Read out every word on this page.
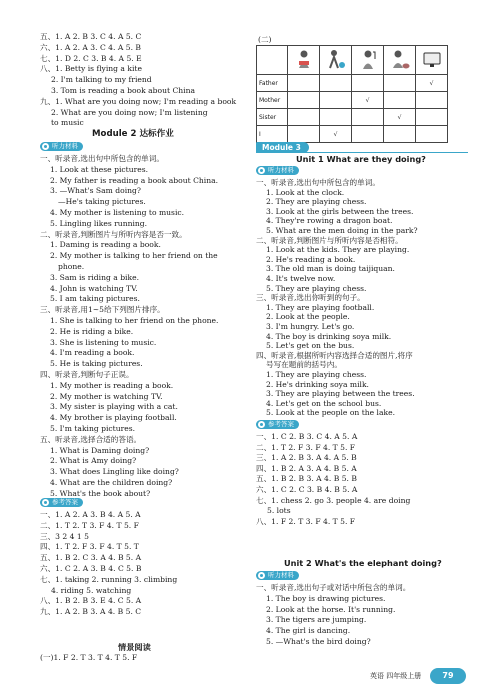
五、1. A 2. B 3. C 4. A 5. C
六、1. A 2. A 3. C 4. A 5. B
七、1. D 2. C 3. B 4. A 5. E
八、1. Betty is flying a kite
2. I'm talking to my friend
3. Tom is reading a book about China
九、1. What are you doing now; I'm reading a book
2. What are you doing now; I'm listening
to music
Module 2 达标作业
听力材料
一、听录音,选出句中所包含的单词。
1. Look at these pictures.
2. My father is reading a book about China.
3. —What's Sam doing?
—He's taking pictures.
4. My mother is listening to music.
5. Lingling likes running.
二、听录音,判断图片与所听内容是否一致。
1. Daming is reading a book.
2. My mother is talking to her friend on the
phone.
3. Sam is riding a bike.
4. John is watching TV.
5. I am taking pictures.
三、听录音,用1~5给下列图片排序。
1. She is talking to her friend on the phone.
2. He is riding a bike.
3. She is listening to music.
4. I'm reading a book.
5. He is taking pictures.
四、听录音,判断句子正误。
1. My mother is reading a book.
2. My mother is watching TV.
3. My sister is playing with a cat.
4. My brother is playing football.
5. I'm taking pictures.
五、听录音,选择合适的答语。
1. What is Daming doing?
2. What is Amy doing?
3. What does Lingling like doing?
4. What are the children doing?
5. What's the book about?
参考答案
一、1. A 2. A 3. B 4. A 5. A
二、1. T 2. T 3. F 4. T 5. F
三、3 2 4 1 5
四、1. T 2. F 3. F 4. T 5. T
五、1. B 2. C 3. A 4. B 5. A
六、1. C 2. A 3. B 4. C 5. B
七、1. taking 2. running 3. climbing
4. riding 5. watching
八、1. B 2. B 3. E 4. C 5. A
九、1. A 2. B 3. A 4. B 5. C
情景阅读
(一)1. F 2. T 3. T 4. T 5. F
(二)

Father					√
Mother			√		
Sister				√	
I		√			
Module 3
Unit 1 What are they doing?
听力材料
一、听录音,选出句中所包含的单词。
1. Look at the clock.
2. They are playing chess.
3. Look at the girls between the trees.
4. They're rowing a dragon boat.
5. What are the men doing in the park?
二、听录音,判断图片与所听内容是否相符。
1. Look at the kids. They are playing.
2. He's reading a book.
3. The old man is doing taijiquan.
4. It's twelve now.
5. They are playing chess.
三、听录音,选出你听到的句子。
1. They are playing football.
2. Look at the people.
3. I'm hungry. Let's go.
4. The boy is drinking soya milk.
5. Let's get on the bus.
四、听录音,根据所听内容选择合适的图片,将序
号写在题前的括号内。
1. They are playing chess.
2. He's drinking soya milk.
3. They are playing between the trees.
4. Let's get on the school bus.
5. Look at the people on the lake.
参考答案
一、1. C 2. B 3. C 4. A 5. A
二、1. T 2. F 3. F 4. T 5. F
三、1. A 2. B 3. A 4. A 5. B
四、1. B 2. A 3. A 4. B 5. A
五、1. B 2. B 3. A 4. B 5. B
六、1. C 2. C 3. B 4. B 5. A
七、1. chess 2. go 3. people 4. are doing
5. lots
八、1. F 2. T 3. F 4. T 5. F
Unit 2 What's the elephant doing?
听力材料
一、听录音,选出句子或对话中所包含的单词。
1. The boy is drawing pictures.
2. Look at the horse. It's running.
3. The tigers are jumping.
4. The girl is dancing.
5. —What's the bird doing?
英语 四年级上册	79
